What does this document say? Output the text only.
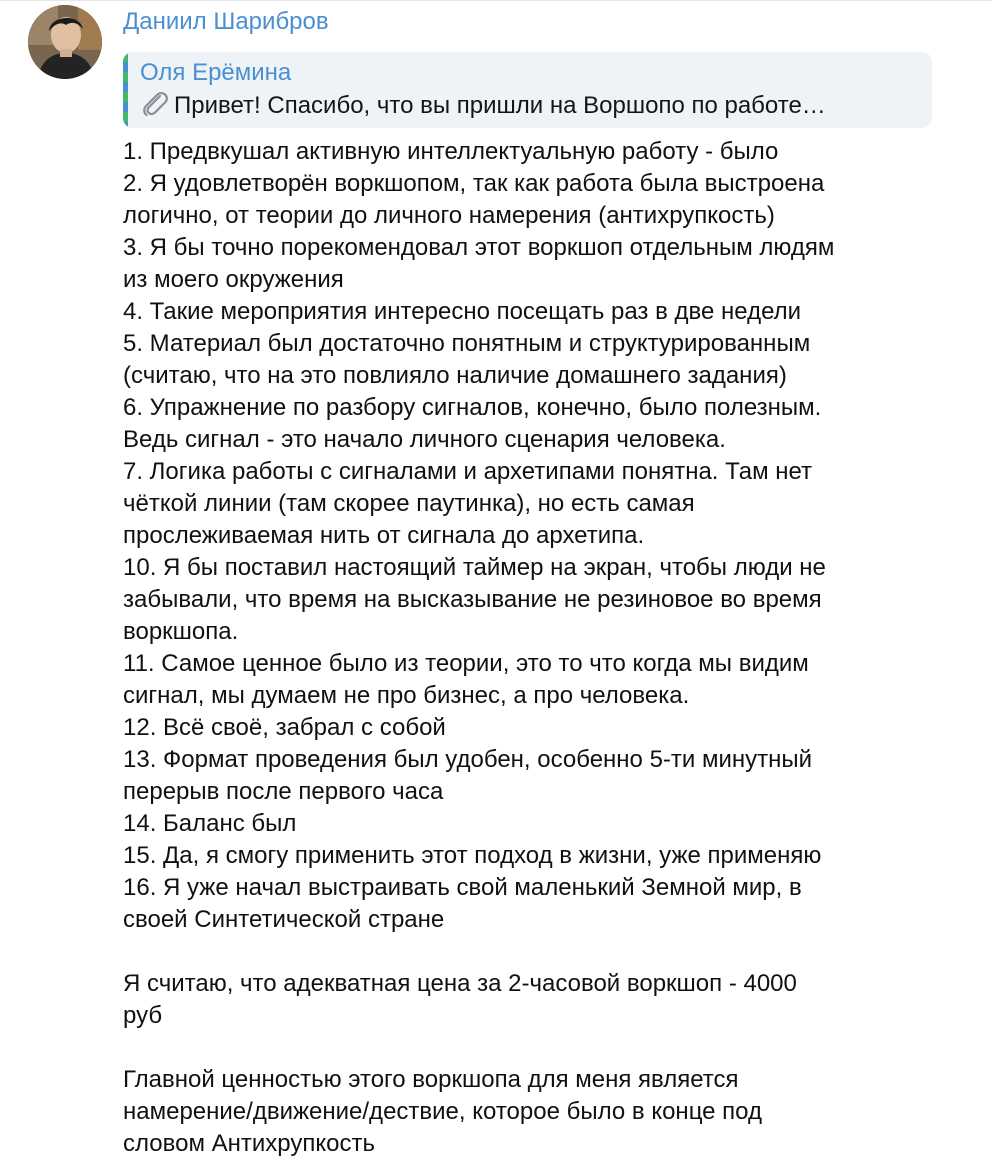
Даниил Шарибров
Оля Ерёмина
Привет! Спасибо, что вы пришли на Воршопо по работе…
1. Предвкушал активную интеллектуальную работу - было
2. Я удовлетворён воркшопом, так как работа была выстроена
логично, от теории до личного намерения (антихрупкость)
3. Я бы точно порекомендовал этот воркшоп отдельным людям
из моего окружения
4. Такие мероприятия интересно посещать раз в две недели
5. Материал был достаточно понятным и структурированным
(считаю, что на это повлияло наличие домашнего задания)
6. Упражнение по разбору сигналов, конечно, было полезным.
Ведь сигнал - это начало личного сценария человека.
7. Логика работы с сигналами и архетипами понятна. Там нет
чёткой линии (там скорее паутинка), но есть самая
прослеживаемая нить от сигнала до архетипа.
10. Я бы поставил настоящий таймер на экран, чтобы люди не
забывали, что время на высказывание не резиновое во время
воркшопа.
11. Самое ценное было из теории, это то что когда мы видим
сигнал, мы думаем не про бизнес, а про человека.
12. Всё своё, забрал с собой
13. Формат проведения был удобен, особенно 5-ти минутный
перерыв после первого часа
14. Баланс был
15. Да, я смогу применить этот подход в жизни, уже применяю
16. Я уже начал выстраивать свой маленький Земной мир, в
своей Синтетической стране
Я считаю, что адекватная цена за 2-часовой воркшоп - 4000
руб
Главной ценностью этого воркшопа для меня является
намерение/движение/дествие, которое было в конце под
словом Антихрупкость
